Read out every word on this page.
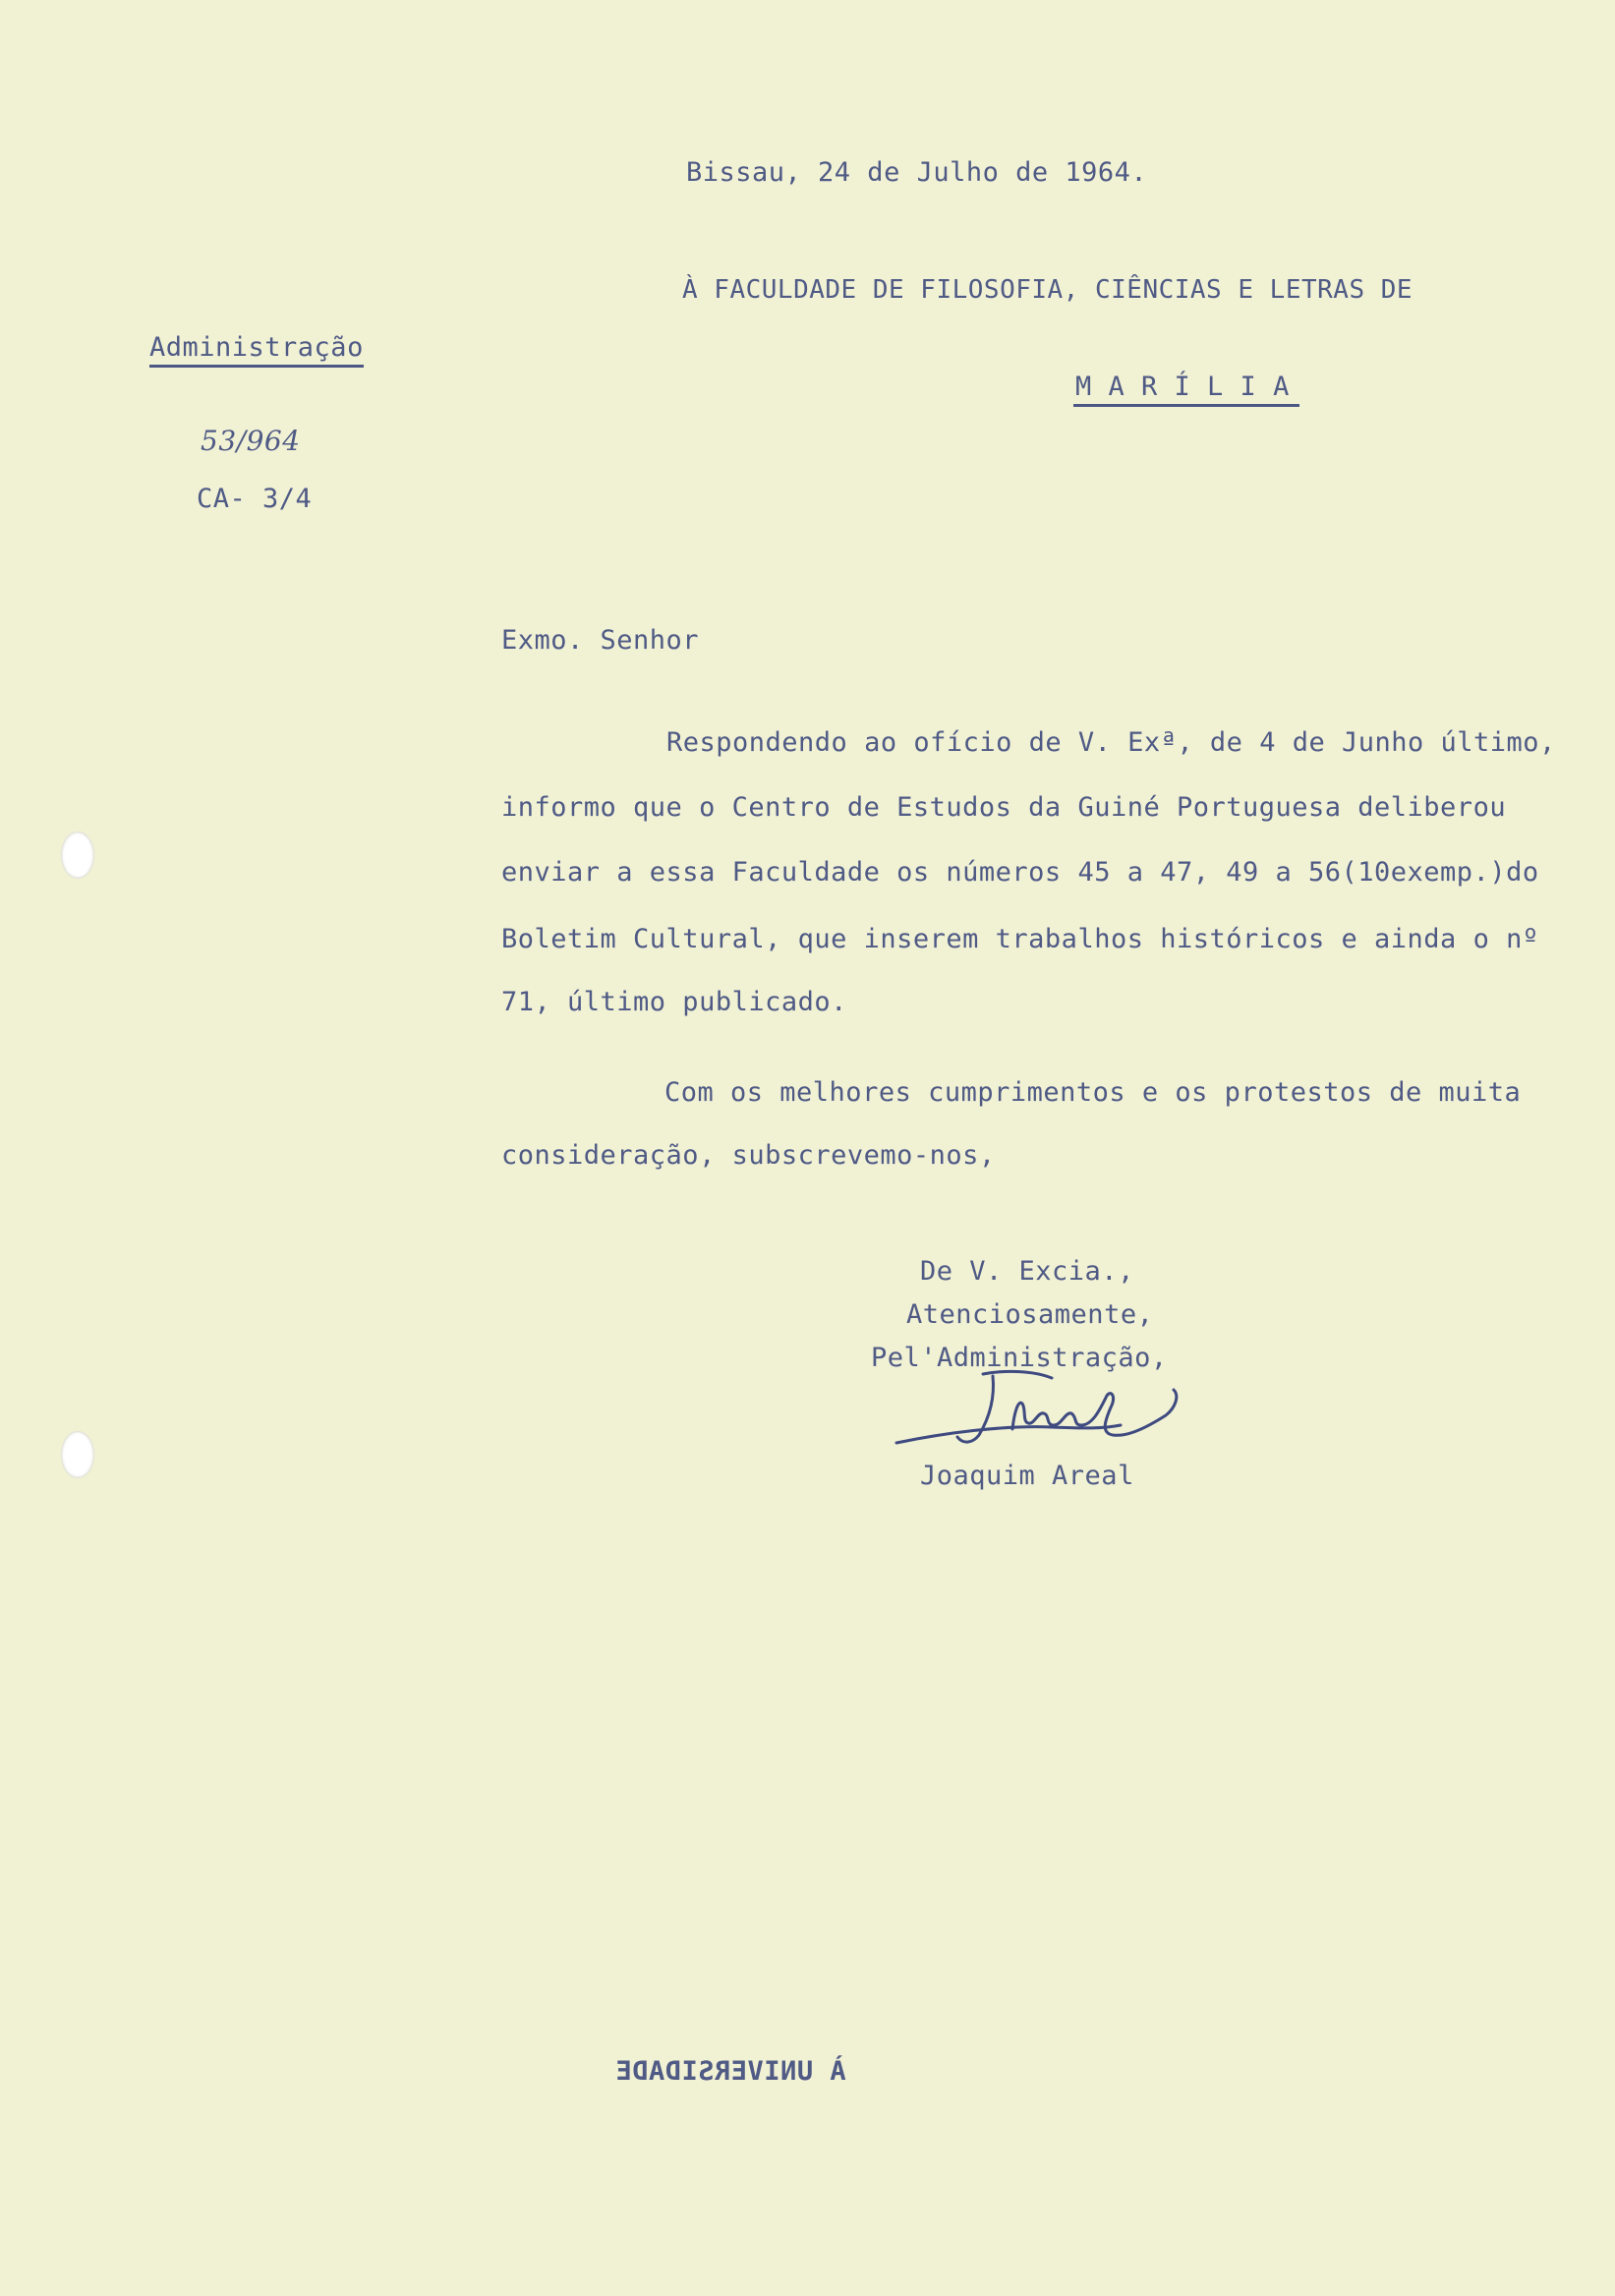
Bissau, 24 de Julho de 1964.
À FACULDADE DE FILOSOFIA, CIÊNCIAS E LETRAS DE
M A R Í L I A
Administração
53/964
CA- 3/4
Exmo. Senhor
Respondendo ao ofício de V. Exª, de 4 de Junho último,
informo que o Centro de Estudos da Guiné Portuguesa deliberou
enviar a essa Faculdade os números 45 a 47, 49 a 56(10exemp.)do
Boletim Cultural, que inserem trabalhos históricos e ainda o nº
71, último publicado.
Com os melhores cumprimentos e os protestos de muita
consideração, subscrevemo-nos,
De V. Excia.,
Atenciosamente,
Pel'Administração,
Joaquim Areal
À UNIVERSIDADE
